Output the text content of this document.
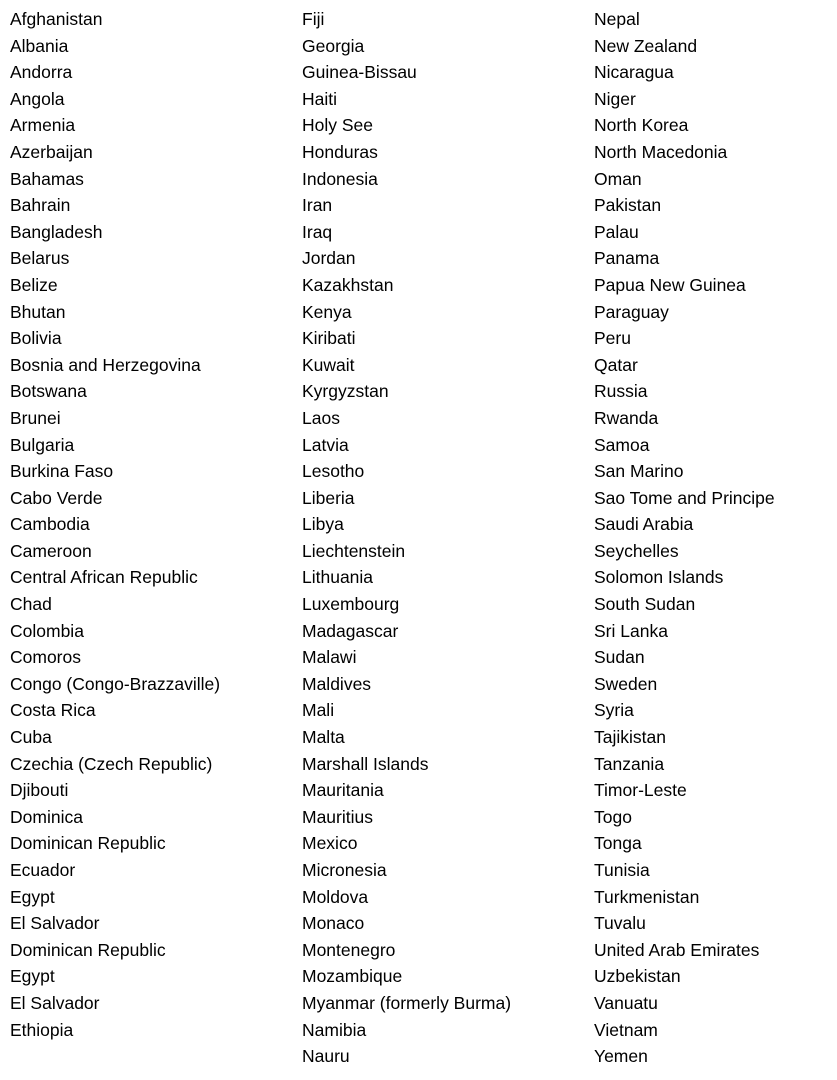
Afghanistan
Albania
Andorra
Angola
Armenia
Azerbaijan
Bahamas
Bahrain
Bangladesh
Belarus
Belize
Bhutan
Bolivia
Bosnia and Herzegovina
Botswana
Brunei
Bulgaria
Burkina Faso
Cabo Verde
Cambodia
Cameroon
Central African Republic
Chad
Colombia
Comoros
Congo (Congo-Brazzaville)
Costa Rica
Cuba
Czechia (Czech Republic)
Djibouti
Dominica
Dominican Republic
Ecuador
Egypt
El Salvador
Dominican Republic
Egypt
El Salvador
Ethiopia
Fiji
Georgia
Guinea-Bissau
Haiti
Holy See
Honduras
Indonesia
Iran
Iraq
Jordan
Kazakhstan
Kenya
Kiribati
Kuwait
Kyrgyzstan
Laos
Latvia
Lesotho
Liberia
Libya
Liechtenstein
Lithuania
Luxembourg
Madagascar
Malawi
Maldives
Mali
Malta
Marshall Islands
Mauritania
Mauritius
Mexico
Micronesia
Moldova
Monaco
Montenegro
Mozambique
Myanmar (formerly Burma)
Namibia
Nauru
Nepal
New Zealand
Nicaragua
Niger
North Korea
North Macedonia
Oman
Pakistan
Palau
Panama
Papua New Guinea
Paraguay
Peru
Qatar
Russia
Rwanda
Samoa
San Marino
Sao Tome and Principe
Saudi Arabia
Seychelles
Solomon Islands
South Sudan
Sri Lanka
Sudan
Sweden
Syria
Tajikistan
Tanzania
Timor-Leste
Togo
Tonga
Tunisia
Turkmenistan
Tuvalu
United Arab Emirates
Uzbekistan
Vanuatu
Vietnam
Yemen
